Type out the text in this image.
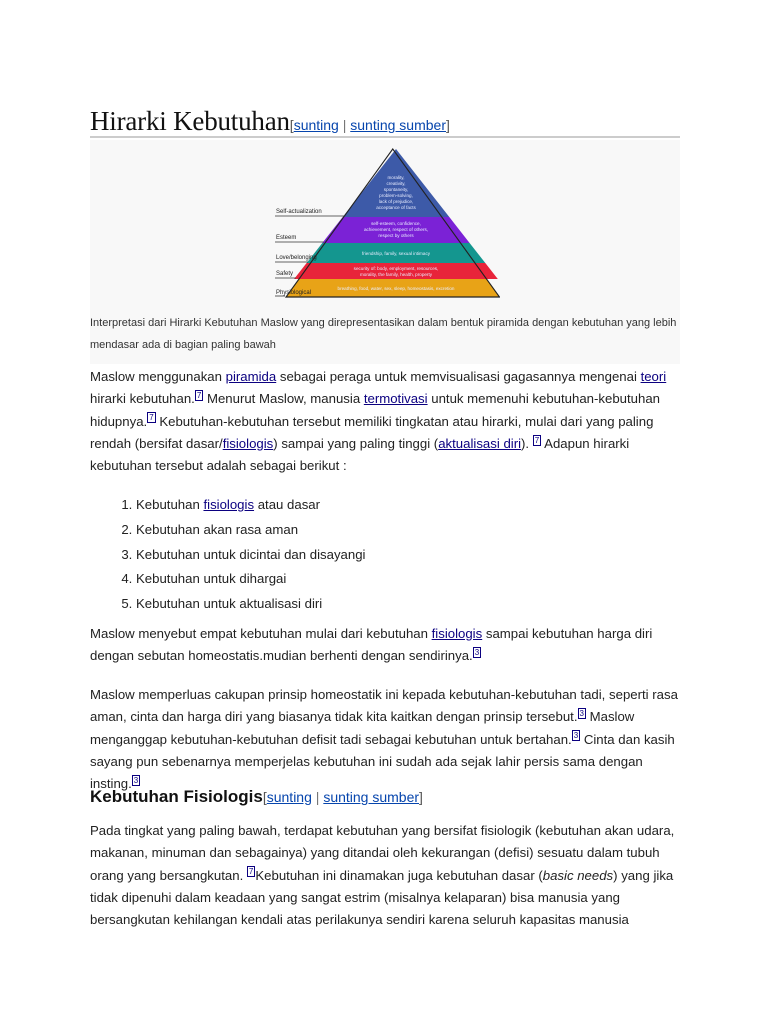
Hirarki Kebutuhan[sunting | sunting sumber]
Self-actualization
Esteem
Love/belonging
Safety
Physiological
morality,
creativity,
spontaneity,
problem-solving,
lack of prejudice,
acceptance of facts
self-esteem, confidence,
achievement, respect of others,
respect by others
friendship, family, sexual intimacy
security of: body, employment, resources,
morality, the family, health, property
breathing, food, water, sex, sleep, homeostasis, excretion
Interpretasi dari Hirarki Kebutuhan Maslow yang direpresentasikan dalam bentuk piramida dengan kebutuhan yang lebih mendasar ada di bagian paling bawah

Maslow menggunakan piramida sebagai peraga untuk memvisualisasi gagasannya mengenai teori hirarki kebutuhan. $^7$ Menurut Maslow, manusia termotivasi untuk memenuhi kebutuhan-kebutuhan hidupnya. $^7$ Kebutuhan-kebutuhan tersebut memiliki tingkatan atau hirarki, mulai dari yang paling rendah (bersifat dasar/fisiologis) sampai yang paling tinggi (aktualisasi diri). $^7$ Adapun hirarki kebutuhan tersebut adalah sebagai berikut :

1. Kebutuhan fisiologis atau dasar
2. Kebutuhan akan rasa aman
3. Kebutuhan untuk dicintai dan disayangi
4. Kebutuhan untuk dihargai
5. Kebutuhan untuk aktualisasi diri

Maslow menyebut empat kebutuhan mulai dari kebutuhan fisiologis sampai kebutuhan harga diri dengan sebutan homeostatis.mudian berhenti dengan sendirinya. $^3$

Maslow memperluas cakupan prinsip homeostatik ini kepada kebutuhan-kebutuhan tadi, seperti rasa aman, cinta dan harga diri yang biasanya tidak kita kaitkan dengan prinsip tersebut. $^3$ Maslow menganggap kebutuhan-kebutuhan defisit tadi sebagai kebutuhan untuk bertahan. $^3$ Cinta dan kasih sayang pun sebenarnya memperjelas kebutuhan ini sudah ada sejak lahir persis sama dengan insting. $^3$

Kebutuhan Fisiologis[sunting | sunting sumber]

Pada tingkat yang paling bawah, terdapat kebutuhan yang bersifat fisiologik (kebutuhan akan udara, makanan, minuman dan sebagainya) yang ditandai oleh kekurangan (defisi) sesuatu dalam tubuh orang yang bersangkutan. $^7$ Kebutuhan ini dinamakan juga kebutuhan dasar (basic needs) yang jika tidak dipenuhi dalam keadaan yang sangat estrim (misalnya kelaparan) bisa manusia yang bersangkutan kehilangan kendali atas perilakunya sendiri karena seluruh kapasitas manusia
